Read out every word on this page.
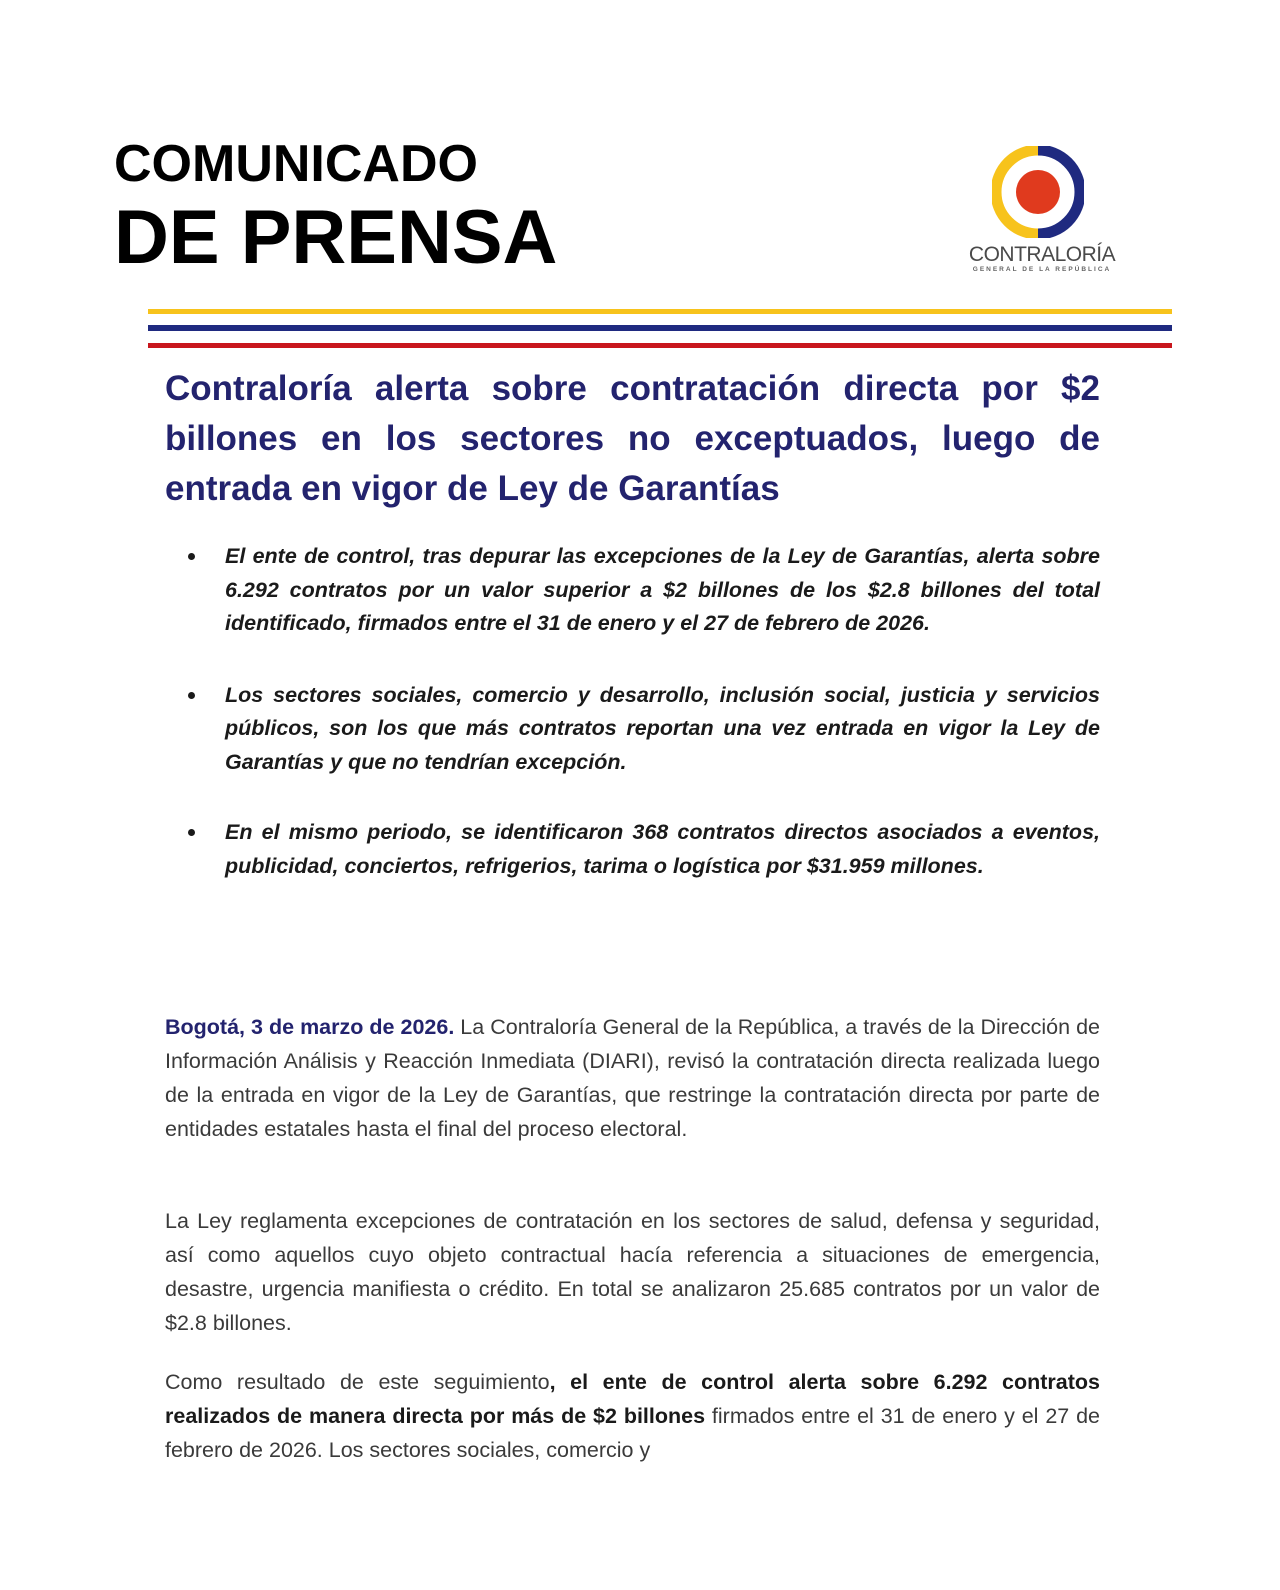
COMUNICADO
DE PRENSA	CONTRALORÍA
GENERAL DE LA REPÚBLICA
Contraloría alerta sobre contratación directa por $2 billones en los sectores no exceptuados, luego de entrada en vigor de Ley de Garantías
El ente de control, tras depurar las excepciones de la Ley de Garantías, alerta sobre 6.292 contratos por un valor superior a $2 billones de los $2.8 billones del total identificado, firmados entre el 31 de enero y el 27 de febrero de 2026.
Los sectores sociales, comercio y desarrollo, inclusión social, justicia y servicios públicos, son los que más contratos reportan una vez entrada en vigor la Ley de Garantías y que no tendrían excepción.
En el mismo periodo, se identificaron 368 contratos directos asociados a eventos, publicidad, conciertos, refrigerios, tarima o logística por $31.959 millones.

Bogotá, 3 de marzo de 2026. La Contraloría General de la República, a través de la Dirección de Información Análisis y Reacción Inmediata (DIARI), revisó la contratación directa realizada luego de la entrada en vigor de la Ley de Garantías, que restringe la contratación directa por parte de entidades estatales hasta el final del proceso electoral.

La Ley reglamenta excepciones de contratación en los sectores de salud, defensa y seguridad, así como aquellos cuyo objeto contractual hacía referencia a situaciones de emergencia, desastre, urgencia manifiesta o crédito. En total se analizaron 25.685 contratos por un valor de $2.8 billones.

Como resultado de este seguimiento, el ente de control alerta sobre 6.292 contratos realizados de manera directa por más de $2 billones firmados entre el 31 de enero y el 27 de febrero de 2026. Los sectores sociales, comercio y
